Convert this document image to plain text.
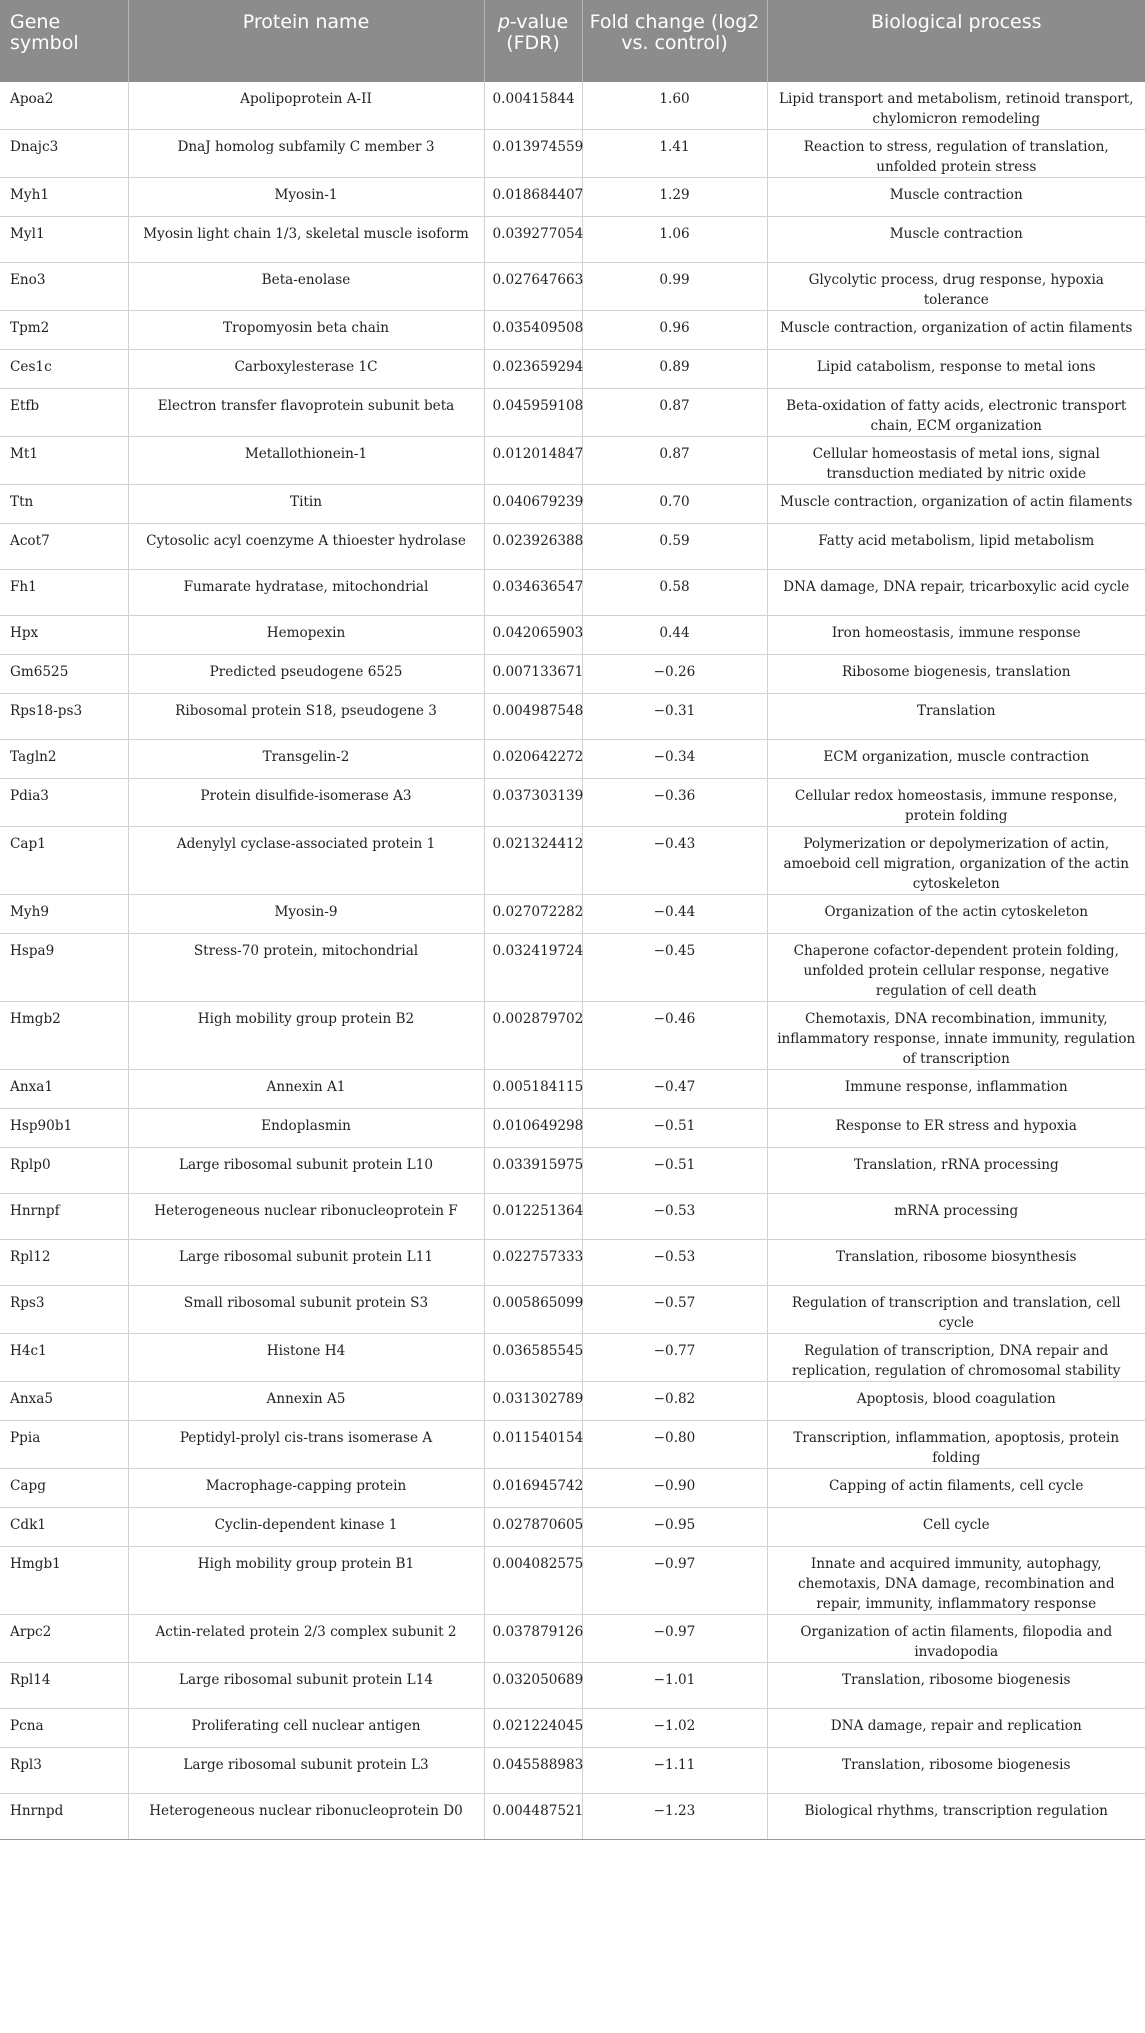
Gene symbol	Protein name	p-value (FDR)	Fold change (log2 vs. control)	Biological process
Apoa2	Apolipoprotein A-II	0.00415844	1.60	Lipid transport and metabolism, retinoid transport, chylomicron remodeling
Dnajc3	DnaJ homolog subfamily C member 3	0.013974559	1.41	Reaction to stress, regulation of translation, unfolded protein stress
Myh1	Myosin-1	0.018684407	1.29	Muscle contraction
Myl1	Myosin light chain 1/3, skeletal muscle isoform	0.039277054	1.06	Muscle contraction
Eno3	Beta-enolase	0.027647663	0.99	Glycolytic process, drug response, hypoxia tolerance
Tpm2	Tropomyosin beta chain	0.035409508	0.96	Muscle contraction, organization of actin filaments
Ces1c	Carboxylesterase 1C	0.023659294	0.89	Lipid catabolism, response to metal ions
Etfb	Electron transfer flavoprotein subunit beta	0.045959108	0.87	Beta-oxidation of fatty acids, electronic transport chain, ECM organization
Mt1	Metallothionein-1	0.012014847	0.87	Cellular homeostasis of metal ions, signal transduction mediated by nitric oxide
Ttn	Titin	0.040679239	0.70	Muscle contraction, organization of actin filaments
Acot7	Cytosolic acyl coenzyme A thioester hydrolase	0.023926388	0.59	Fatty acid metabolism, lipid metabolism
Fh1	Fumarate hydratase, mitochondrial	0.034636547	0.58	DNA damage, DNA repair, tricarboxylic acid cycle
Hpx	Hemopexin	0.042065903	0.44	Iron homeostasis, immune response
Gm6525	Predicted pseudogene 6525	0.007133671	−0.26	Ribosome biogenesis, translation
Rps18-ps3	Ribosomal protein S18, pseudogene 3	0.004987548	−0.31	Translation
Tagln2	Transgelin-2	0.020642272	−0.34	ECM organization, muscle contraction
Pdia3	Protein disulfide-isomerase A3	0.037303139	−0.36	Cellular redox homeostasis, immune response, protein folding
Cap1	Adenylyl cyclase-associated protein 1	0.021324412	−0.43	Polymerization or depolymerization of actin, amoeboid cell migration, organization of the actin cytoskeleton
Myh9	Myosin-9	0.027072282	−0.44	Organization of the actin cytoskeleton
Hspa9	Stress-70 protein, mitochondrial	0.032419724	−0.45	Chaperone cofactor-dependent protein folding, unfolded protein cellular response, negative regulation of cell death
Hmgb2	High mobility group protein B2	0.002879702	−0.46	Chemotaxis, DNA recombination, immunity, inflammatory response, innate immunity, regulation of transcription
Anxa1	Annexin A1	0.005184115	−0.47	Immune response, inflammation
Hsp90b1	Endoplasmin	0.010649298	−0.51	Response to ER stress and hypoxia
Rplp0	Large ribosomal subunit protein L10	0.033915975	−0.51	Translation, rRNA processing
Hnrnpf	Heterogeneous nuclear ribonucleoprotein F	0.012251364	−0.53	mRNA processing
Rpl12	Large ribosomal subunit protein L11	0.022757333	−0.53	Translation, ribosome biosynthesis
Rps3	Small ribosomal subunit protein S3	0.005865099	−0.57	Regulation of transcription and translation, cell cycle
H4c1	Histone H4	0.036585545	−0.77	Regulation of transcription, DNA repair and replication, regulation of chromosomal stability
Anxa5	Annexin A5	0.031302789	−0.82	Apoptosis, blood coagulation
Ppia	Peptidyl-prolyl cis-trans isomerase A	0.011540154	−0.80	Transcription, inflammation, apoptosis, protein folding
Capg	Macrophage-capping protein	0.016945742	−0.90	Capping of actin filaments, cell cycle
Cdk1	Cyclin-dependent kinase 1	0.027870605	−0.95	Cell cycle
Hmgb1	High mobility group protein B1	0.004082575	−0.97	Innate and acquired immunity, autophagy, chemotaxis, DNA damage, recombination and repair, immunity, inflammatory response
Arpc2	Actin-related protein 2/3 complex subunit 2	0.037879126	−0.97	Organization of actin filaments, filopodia and invadopodia
Rpl14	Large ribosomal subunit protein L14	0.032050689	−1.01	Translation, ribosome biogenesis
Pcna	Proliferating cell nuclear antigen	0.021224045	−1.02	DNA damage, repair and replication
Rpl3	Large ribosomal subunit protein L3	0.045588983	−1.11	Translation, ribosome biogenesis
Hnrnpd	Heterogeneous nuclear ribonucleoprotein D0	0.004487521	−1.23	Biological rhythms, transcription regulation
